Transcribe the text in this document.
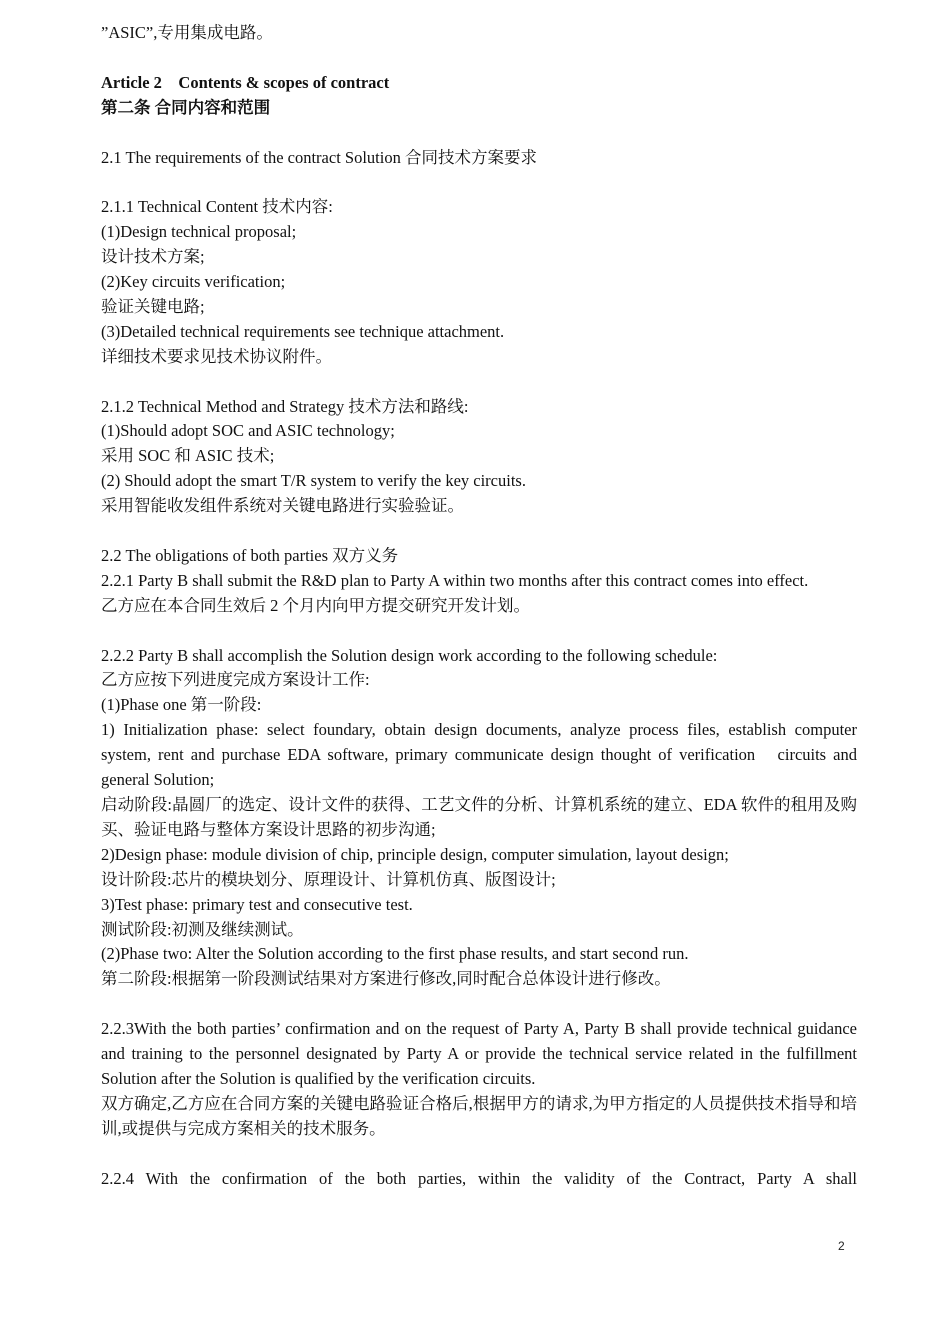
”ASIC”,专用集成电路。
Article 2　Contents & scopes of contract
第二条 合同内容和范围
2.1 The requirements of the contract Solution 合同技术方案要求
2.1.1 Technical Content 技术内容:
(1)Design technical proposal;
设计技术方案;
(2)Key circuits verification;
验证关键电路;
(3)Detailed technical requirements see technique attachment.
详细技术要求见技术协议附件。
2.1.2 Technical Method and Strategy 技术方法和路线:
(1)Should adopt SOC and ASIC technology;
采用 SOC 和 ASIC 技术;
(2) Should adopt the smart T/R system to verify the key circuits.
采用智能收发组件系统对关键电路进行实验验证。
2.2 The obligations of both parties 双方义务
2.2.1 Party B shall submit the R&D plan to Party A within two months after this contract comes into effect.
乙方应在本合同生效后 2 个月内向甲方提交研究开发计划。
2.2.2 Party B shall accomplish the Solution design work according to the following schedule:
乙方应按下列进度完成方案设计工作:
(1)Phase one 第一阶段:
1) Initialization phase: select foundary, obtain design documents, analyze process files, establish computer system, rent and purchase EDA software, primary communicate design thought of verification　circuits and general Solution;
启动阶段:晶圆厂的选定、设计文件的获得、工艺文件的分析、计算机系统的建立、EDA 软件的租用及购买、验证电路与整体方案设计思路的初步沟通;
2)Design phase: module division of chip, principle design, computer simulation, layout design;
设计阶段:芯片的模块划分、原理设计、计算机仿真、版图设计;
3)Test phase: primary test and consecutive test.
测试阶段:初测及继续测试。
(2)Phase two: Alter the Solution according to the first phase results, and start second run.
第二阶段:根据第一阶段测试结果对方案进行修改,同时配合总体设计进行修改。
2.2.3With the both parties’ confirmation and on the request of Party A, Party B shall provide technical guidance and training to the personnel designated by Party A or provide the technical service related in the fulfillment Solution after the Solution is qualified by the verification circuits.
双方确定,乙方应在合同方案的关键电路验证合格后,根据甲方的请求,为甲方指定的人员提供技术指导和培训,或提供与完成方案相关的技术服务。
2.2.4 With the confirmation of the both parties, within the validity of the Contract, Party A shall
2
